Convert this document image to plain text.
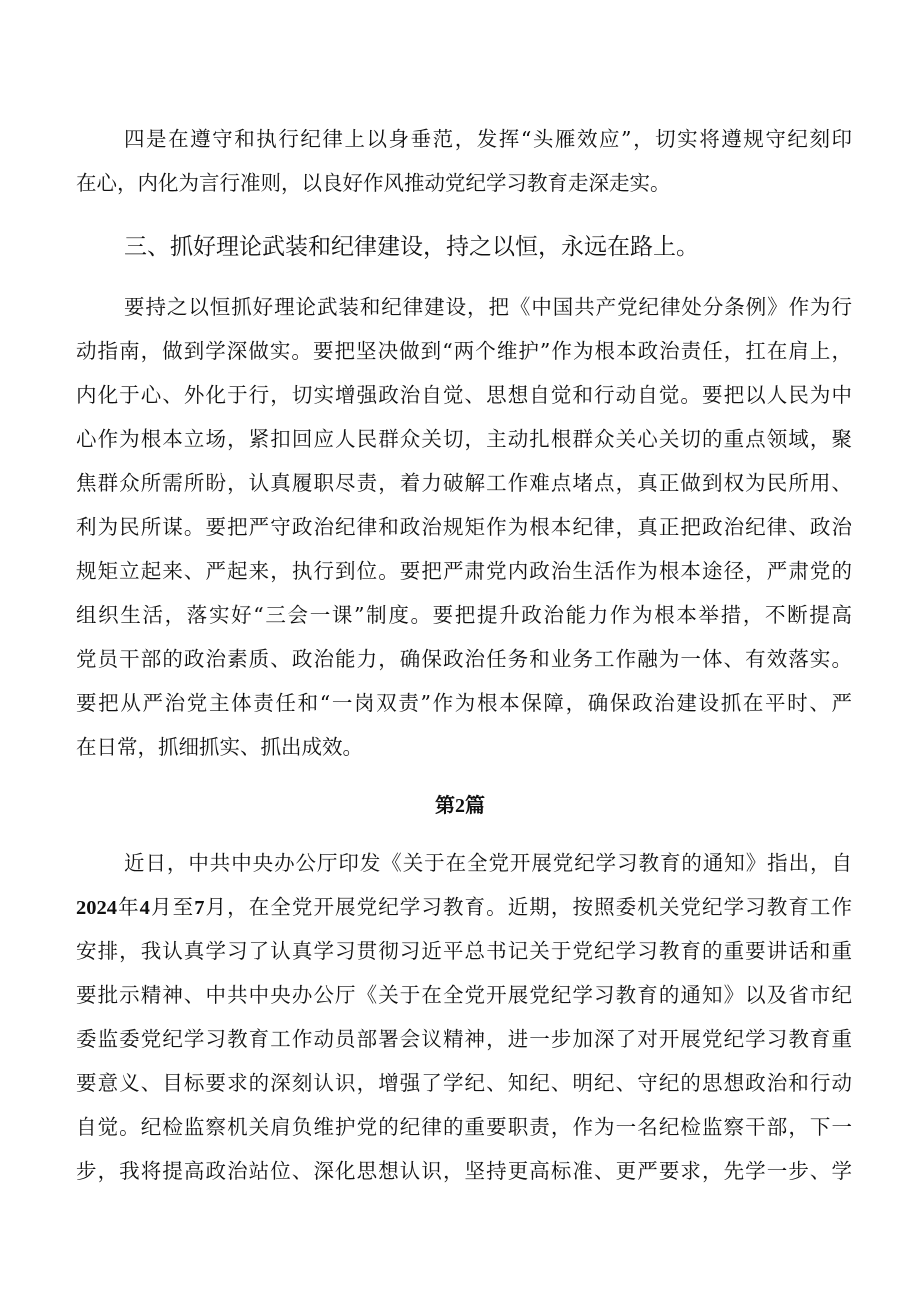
四是在遵守和执行纪律上以身垂范，发挥“头雁效应”，切实将遵规守纪刻印
在心，内化为言行准则，以良好作风推动党纪学习教育走深走实。
三、抓好理论武装和纪律建设，持之以恒，永远在路上。
要持之以恒抓好理论武装和纪律建设，把《中国共产党纪律处分条例》作为行
动指南，做到学深做实。要把坚决做到“两个维护”作为根本政治责任，扛在肩上，
内化于心、外化于行，切实增强政治自觉、思想自觉和行动自觉。要把以人民为中
心作为根本立场，紧扣回应人民群众关切，主动扎根群众关心关切的重点领域，聚
焦群众所需所盼，认真履职尽责，着力破解工作难点堵点，真正做到权为民所用、
利为民所谋。要把严守政治纪律和政治规矩作为根本纪律，真正把政治纪律、政治
规矩立起来、严起来，执行到位。要把严肃党内政治生活作为根本途径，严肃党的
组织生活，落实好“三会一课”制度。要把提升政治能力作为根本举措，不断提高
党员干部的政治素质、政治能力，确保政治任务和业务工作融为一体、有效落实。
要把从严治党主体责任和“一岗双责”作为根本保障，确保政治建设抓在平时、严
在日常，抓细抓实、抓出成效。
第2篇
近日，中共中央办公厅印发《关于在全党开展党纪学习教育的通知》指出，自
2024年4月至7月，在全党开展党纪学习教育。近期，按照委机关党纪学习教育工作
安排，我认真学习了认真学习贯彻习近平总书记关于党纪学习教育的重要讲话和重
要批示精神、中共中央办公厅《关于在全党开展党纪学习教育的通知》以及省市纪
委监委党纪学习教育工作动员部署会议精神，进一步加深了对开展党纪学习教育重
要意义、目标要求的深刻认识，增强了学纪、知纪、明纪、守纪的思想政治和行动
自觉。纪检监察机关肩负维护党的纪律的重要职责，作为一名纪检监察干部，下一
步，我将提高政治站位、深化思想认识，坚持更高标准、更严要求，先学一步、学
